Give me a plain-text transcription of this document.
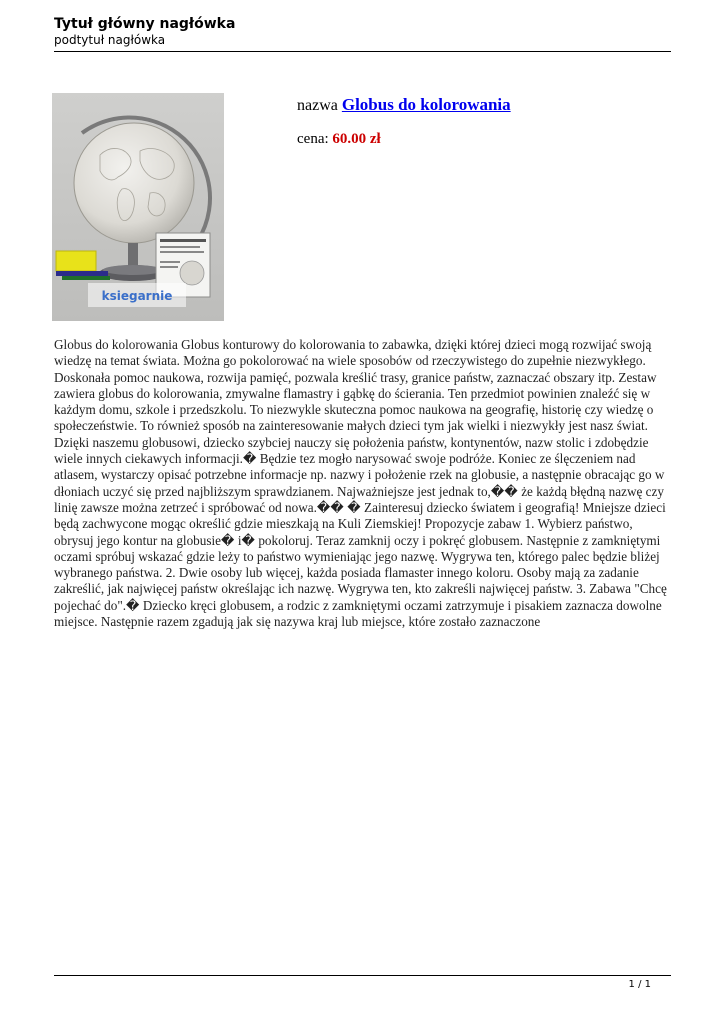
Tytuł główny nagłówka
podtytuł nagłówka
ksiegarnie
nazwa Globus do kolorowania
cena: 60.00 zł

Globus do kolorowania Globus konturowy do kolorowania to zabawka, dzięki której dzieci mogą rozwijać swoją wiedzę na temat świata. Można go pokolorować na wiele sposobów od rzeczywistego do zupełnie niezwykłego. Doskonała pomoc naukowa, rozwija pamięć, pozwala kreślić trasy, granice państw, zaznaczać obszary itp. Zestaw zawiera globus do kolorowania, zmywalne flamastry i gąbkę do ścierania. Ten przedmiot powinien znaleźć się w każdym domu, szkole i przedszkolu. To niezwykle skuteczna pomoc naukowa na geografię, historię czy wiedzę o społeczeństwie. To również sposób na zainteresowanie małych dzieci tym jak wielki i niezwykły jest nasz świat. Dzięki naszemu globusowi, dziecko szybciej nauczy się położenia państw, kontynentów, nazw stolic i zdobędzie wiele innych ciekawych informacji.� Będzie tez mogło narysować swoje podróże. Koniec ze ślęczeniem nad atlasem, wystarczy opisać potrzebne informacje np. nazwy i położenie rzek na globusie, a następnie obracając go w dłoniach uczyć się przed najbliższym sprawdzianem. Najważniejsze jest jednak to,�� że każdą błędną nazwę czy linię zawsze można zetrzeć i spróbować od nowa.�� � Zainteresuj dziecko światem i geografią! Mniejsze dzieci będą zachwycone mogąc określić gdzie mieszkają na Kuli Ziemskiej! Propozycje zabaw 1. Wybierz państwo, obrysuj jego kontur na globusie� i� pokoloruj. Teraz zamknij oczy i pokręć globusem. Następnie z zamkniętymi oczami spróbuj wskazać gdzie leży to państwo wymieniając jego nazwę. Wygrywa ten, którego palec będzie bliżej wybranego państwa. 2. Dwie osoby lub więcej, każda posiada flamaster innego koloru. Osoby mają za zadanie zakreślić, jak najwięcej państw określając ich nazwę. Wygrywa ten, kto zakreśli najwięcej państw. 3. Zabawa "Chcę pojechać do".� Dziecko kręci globusem, a rodzic z zamkniętymi oczami zatrzymuje i pisakiem zaznacza dowolne miejsce. Następnie razem zgadują jak się nazywa kraj lub miejsce, które zostało zaznaczone

1 / 1
